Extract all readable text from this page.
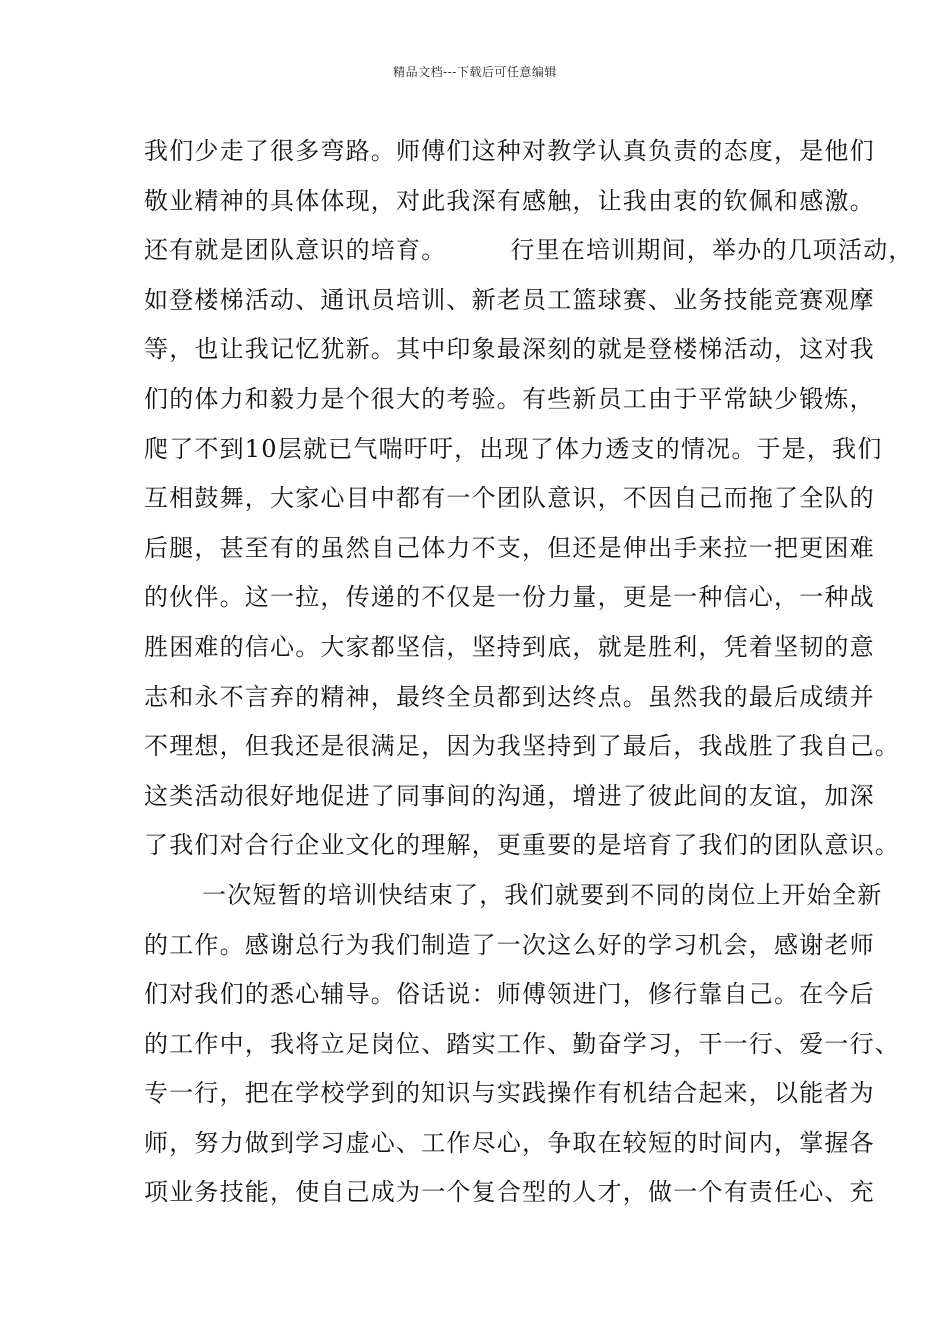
精品文档---下载后可任意编辑
我们少走了很多弯路。师傅们这种对教学认真负责的态度，是他们
敬业精神的具体体现，对此我深有感触，让我由衷的钦佩和感激。
还有就是团队意识的培育。	行里在培训期间，举办的几项活动，
如登楼梯活动、通讯员培训、新老员工篮球赛、业务技能竞赛观摩
等，也让我记忆犹新。其中印象最深刻的就是登楼梯活动，这对我
们的体力和毅力是个很大的考验。有些新员工由于平常缺少锻炼，
爬了不到10层就已气喘吁吁，出现了体力透支的情况。于是，我们
互相鼓舞，大家心目中都有一个团队意识，不因自己而拖了全队的
后腿，甚至有的虽然自己体力不支，但还是伸出手来拉一把更困难
的伙伴。这一拉，传递的不仅是一份力量，更是一种信心，一种战
胜困难的信心。大家都坚信，坚持到底，就是胜利，凭着坚韧的意
志和永不言弃的精神，最终全员都到达终点。虽然我的最后成绩并
不理想，但我还是很满足，因为我坚持到了最后，我战胜了我自己。
这类活动很好地促进了同事间的沟通，增进了彼此间的友谊，加深
了我们对合行企业文化的理解，更重要的是培育了我们的团队意识。
一次短暂的培训快结束了，我们就要到不同的岗位上开始全新
的工作。感谢总行为我们制造了一次这么好的学习机会，感谢老师
们对我们的悉心辅导。俗话说：师傅领进门，修行靠自己。在今后
的工作中，我将立足岗位、踏实工作、勤奋学习，干一行、爱一行、
专一行，把在学校学到的知识与实践操作有机结合起来，以能者为
师，努力做到学习虚心、工作尽心，争取在较短的时间内，掌握各
项业务技能，使自己成为一个复合型的人才，做一个有责任心、充
